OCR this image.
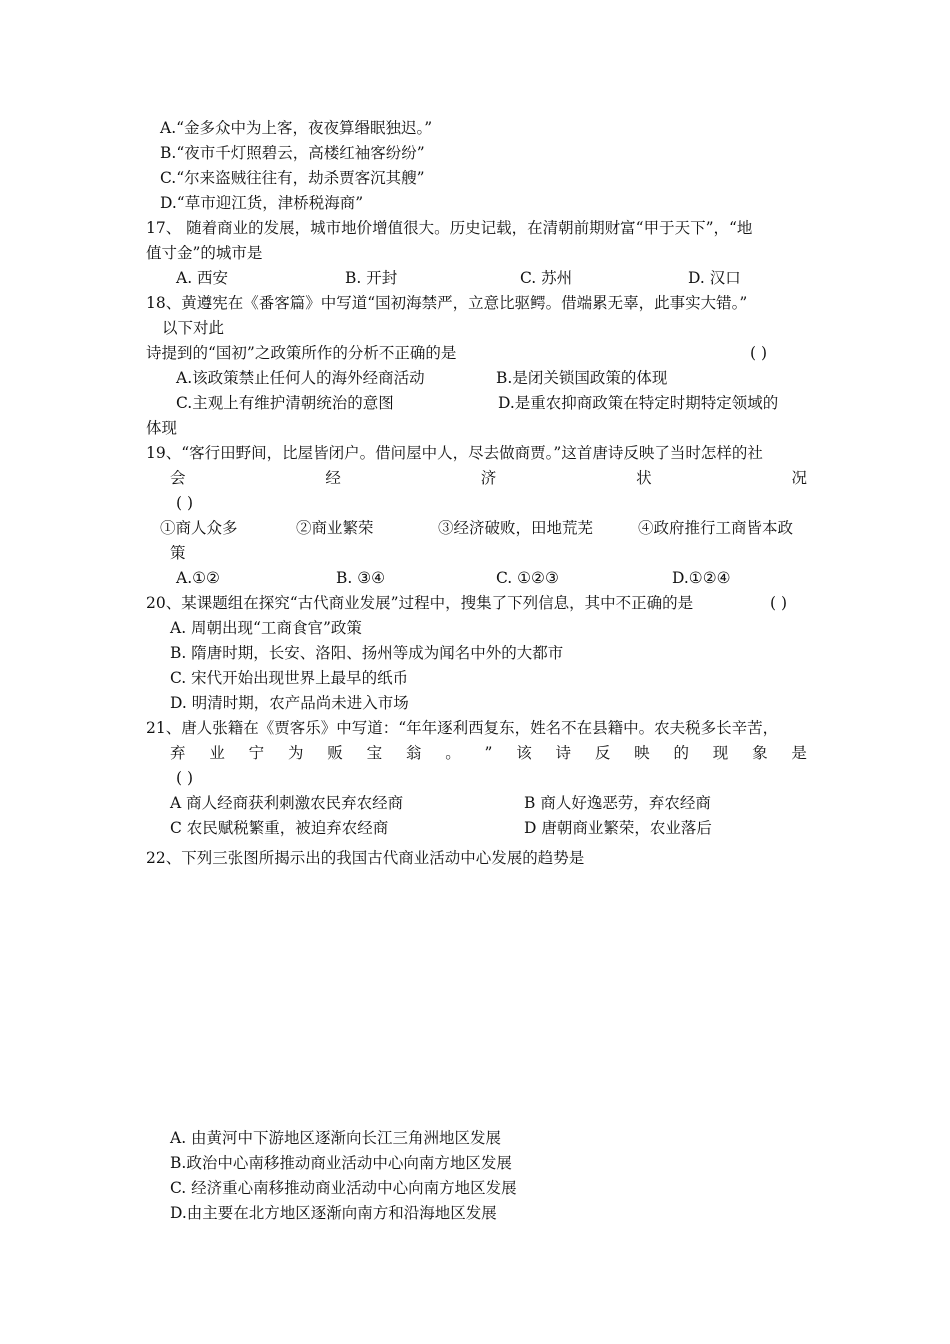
A.“金多众中为上客，夜夜算缗眠独迟。”
B.“夜市千灯照碧云，高楼红袖客纷纷”
C.“尔来盗贼往往有，劫杀贾客沉其艘”
D.“草市迎江货，津桥税海商”
17、 随着商业的发展，城市地价增值很大。历史记载，在清朝前期财富“甲于天下”，“地
值寸金”的城市是
A. 西安	B. 开封	C. 苏州	D. 汉口
18、黄遵宪在《番客篇》中写道“国初海禁严，立意比驱鳄。借端累无辜，此事实大错。”
以下对此
诗提到的“国初”之政策所作的分析不正确的是	( )
A.该政策禁止任何人的海外经商活动	B.是闭关锁国政策的体现
C.主观上有维护清朝统治的意图	D.是重农抑商政策在特定时期特定领域的
体现
19、“客行田野间，比屋皆闭户。借问屋中人，尽去做商贾。”这首唐诗反映了当时怎样的社
会	经	济	状	况
( )
①商人众多	②商业繁荣	③经济破败，田地荒芜	④政府推行工商皆本政
策
A.①②	B. ③④	C. ①②③	D.①②④
20、某课题组在探究“古代商业发展”过程中，搜集了下列信息，其中不正确的是	( )
A. 周朝出现“工商食官”政策
B. 隋唐时期，长安、洛阳、扬州等成为闻名中外的大都市
C. 宋代开始出现世界上最早的纸币
D. 明清时期，农产品尚未进入市场
21、唐人张籍在《贾客乐》中写道：“年年逐利西复东，姓名不在县籍中。农夫税多长辛苦，
弃 业 宁 为 贩 宝 翁 。 ” 该 诗 反 映 的 现 象 是
( )
A 商人经商获利刺激农民弃农经商	B 商人好逸恶劳，弃农经商
C 农民赋税繁重，被迫弃农经商	D 唐朝商业繁荣，农业落后
22、下列三张图所揭示出的我国古代商业活动中心发展的趋势是
A. 由黄河中下游地区逐渐向长江三角洲地区发展
B.政治中心南移推动商业活动中心向南方地区发展
C. 经济重心南移推动商业活动中心向南方地区发展
D.由主要在北方地区逐渐向南方和沿海地区发展
